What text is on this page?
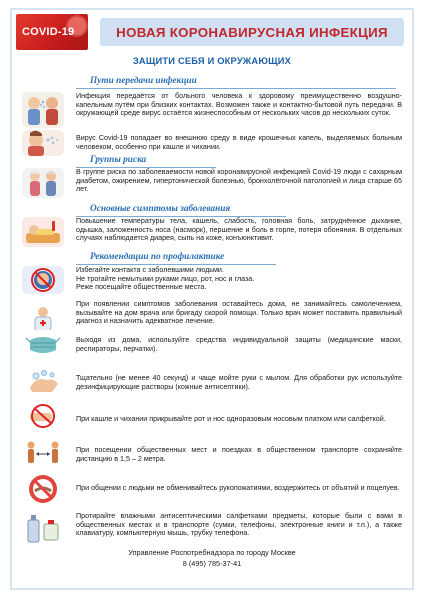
COVID-19	НОВАЯ КОРОНАВИРУСНАЯ ИНФЕКЦИЯ
ЗАЩИТИ СЕБЯ И ОКРУЖАЮЩИХ
Пути передачи инфекции
Инфекция передаётся от больного человека к здоровому преимущественно воздушно-капельным путём при близких контактах. Возможен также и контактно-бытовой путь передачи. В окружающей среде вирус остаётся жизнеспособным от нескольких часов до нескольких суток.
Вирус Covid-19 попадает во внешнюю среду в виде крошечных капель, выделяемых больным человеком, особенно при кашле и чихании.
Группы риска
В группе риска по заболеваемости новой коронавирусной инфекцией Covid-19 люди с сахарным диабетом, ожирением, гипертонической болезнью, бронхолёгочной патологией и лица старше 65 лет.
Основные симптомы заболевания
Повышение температуры тела, кашель, слабость, головная боль, затруднённое дыхание, одышка, заложенность носа (насморк), першение и боль в горле, потеря обоняния. В отдельных случаях наблюдается диарея, сыпь на коже, конъюнктивит.
Рекомендации по профилактике
Избегайте контакта с заболевшими людьми.
Не трогайте немытыми руками лицо, рот, нос и глаза.
Реже посещайте общественные места.
При появлении симптомов заболевания оставайтесь дома, не занимайтесь самолечением, вызывайте на дом врача или бригаду скорой помощи. Только врач может поставить правильный диагноз и назначить адекватное лечение.
Выходя из дома, используйте средства индивидуальной защиты (медицинские маски, респираторы, перчатки).
Тщательно (не менее 40 секунд) и чаще мойте руки с мылом. Для обработки рук используйте дезинфицирующие растворы (кожные антисептики).
При кашле и чихании прикрывайте рот и нос одноразовым носовым платком или салфеткой.
При посещении общественных мест и поездках в общественном транспорте сохраняйте дистанцию в 1,5 – 2 метра.
При общении с людьми не обменивайтесь рукопожатиями, воздержитесь от объятий и поцелуев.
Протирайте влажными антисептическими салфетками предметы, которые были с вами в общественных местах и в транспорте (сумки, телефоны, электронные книги и т.п.), а также клавиатуру, компьютерную мышь, трубку телефона.
Управление Роспотребнадзора по городу Москве
8 (495) 785-37-41
